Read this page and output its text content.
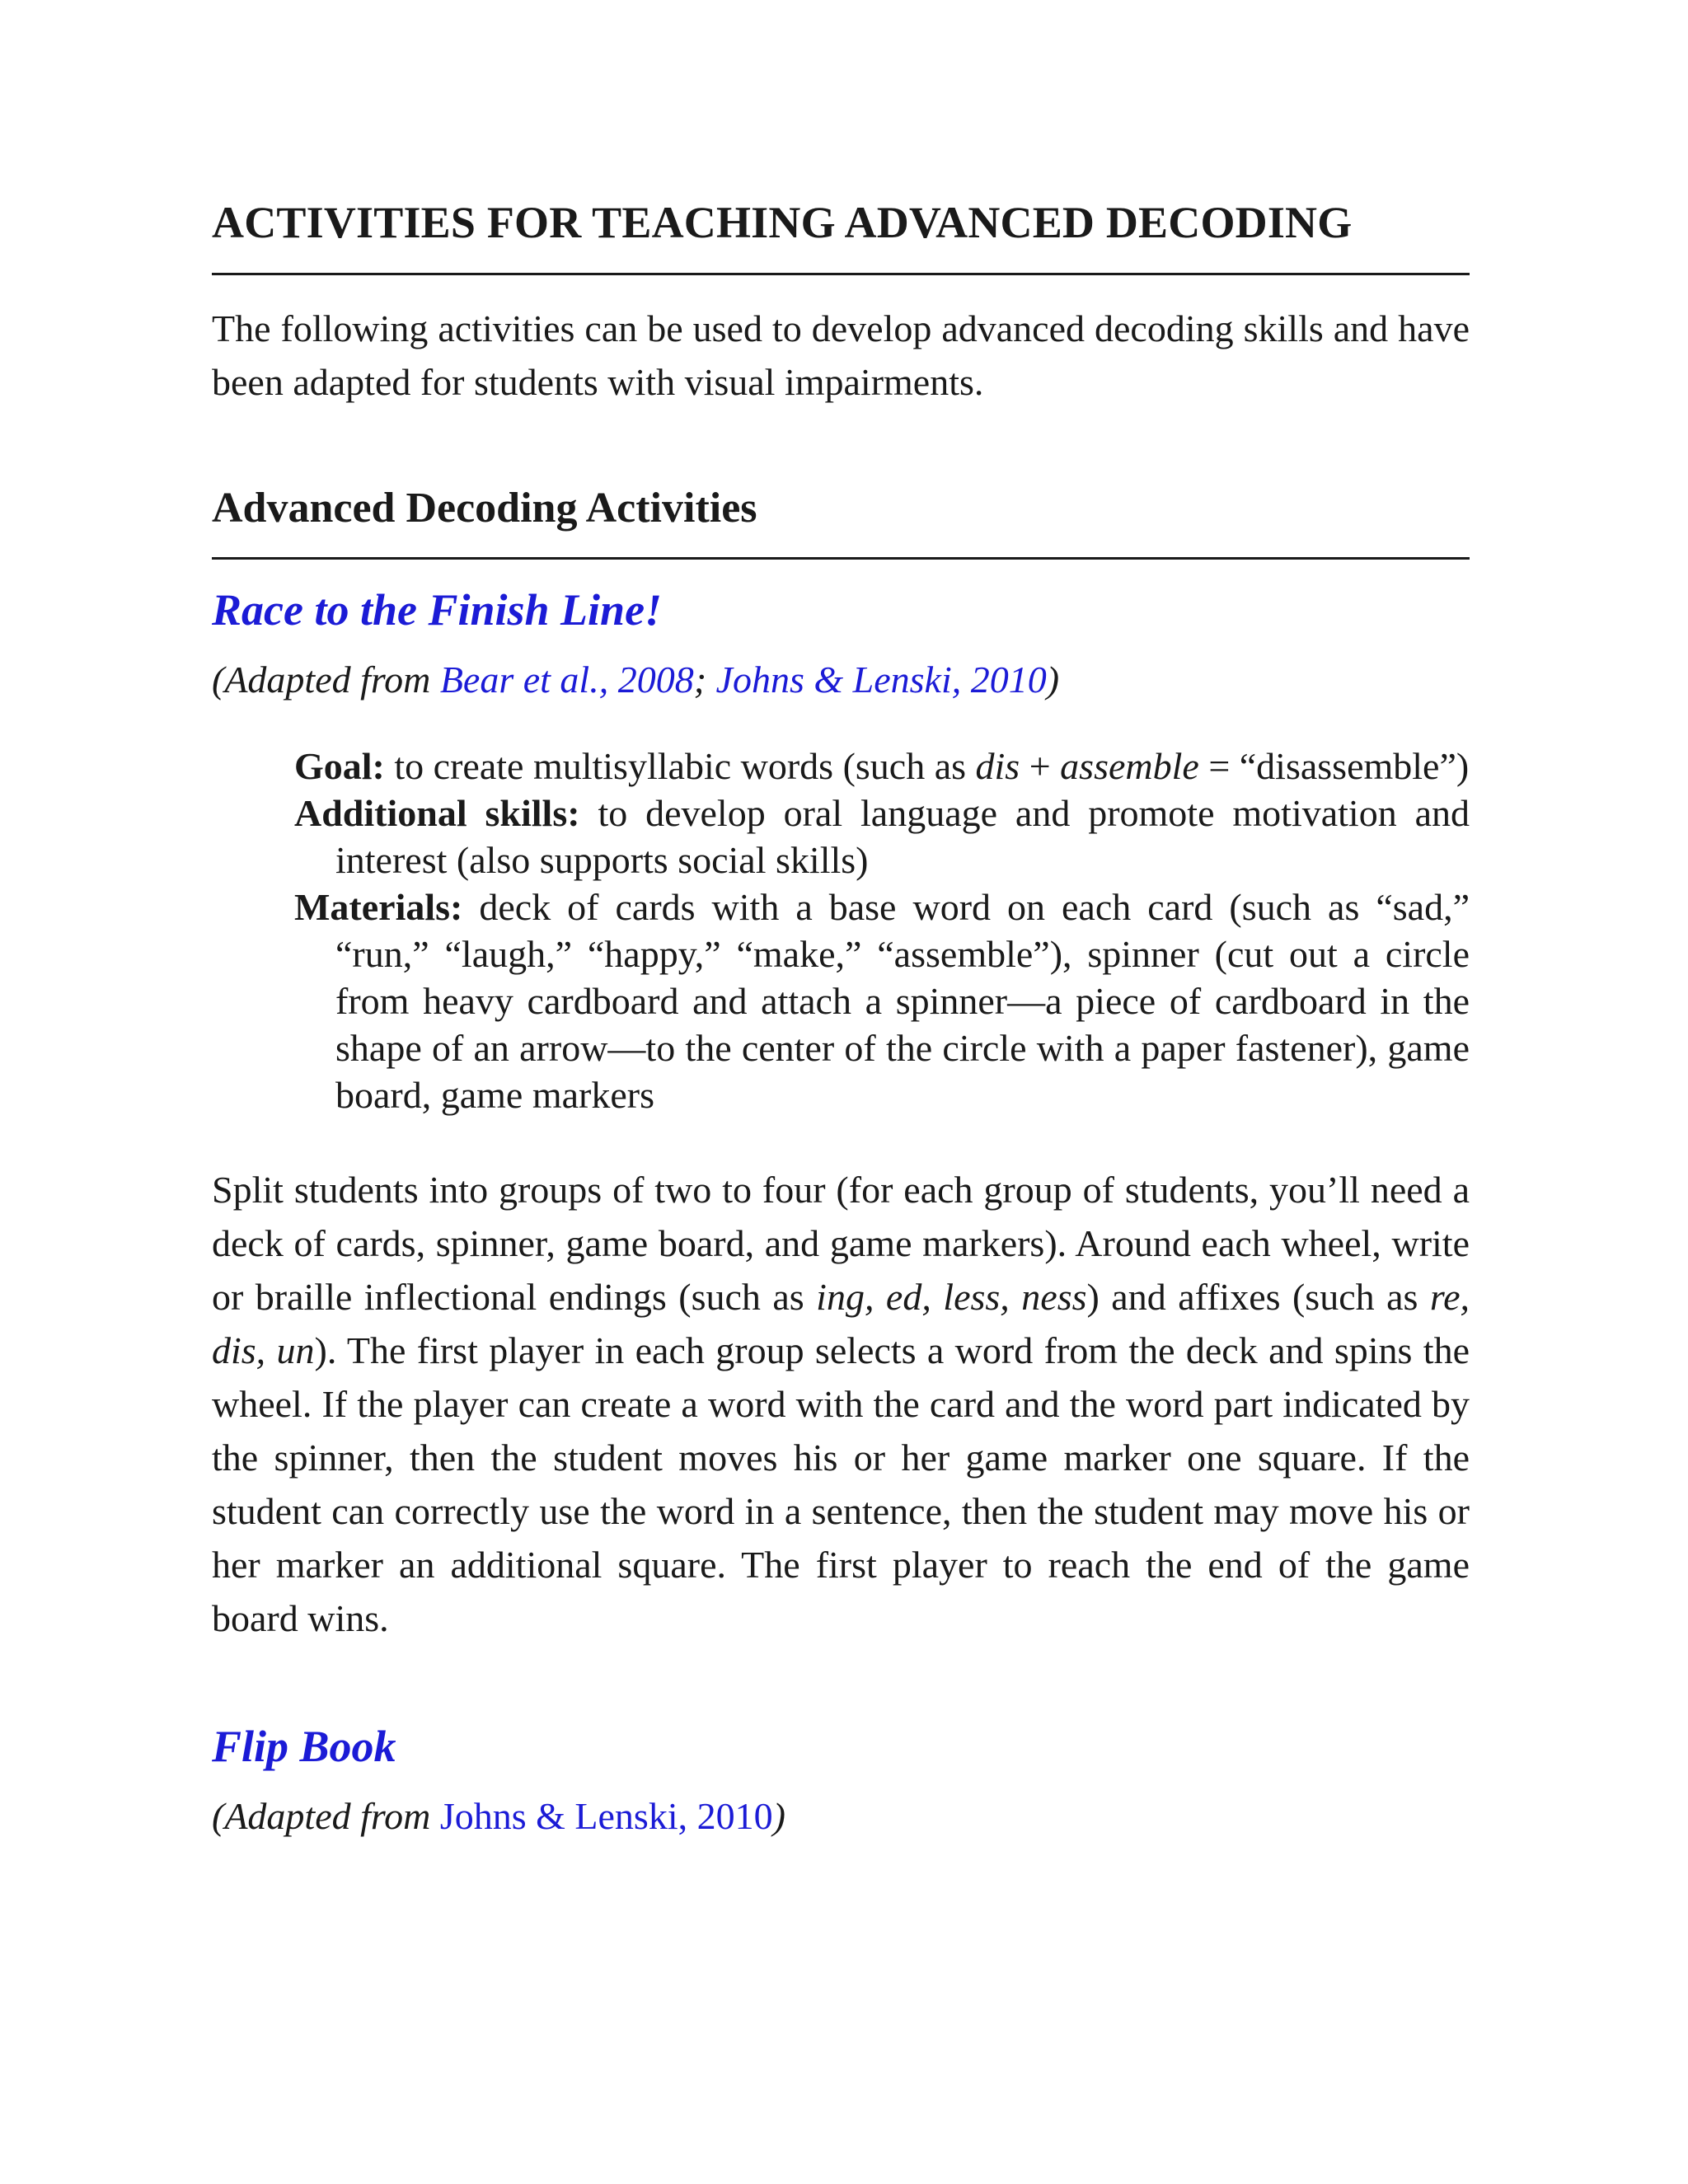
ACTIVITIES FOR TEACHING ADVANCED DECODING

The following activities can be used to develop advanced decoding skills and have been adapted for students with visual impairments.

Advanced Decoding Activities
Race to the Finish Line!

(Adapted from Bear et al., 2008; Johns & Lenski, 2010)

Goal: to create multisyllabic words (such as dis + assemble = “disassemble”)

Additional skills: to develop oral language and promote motivation and interest (also supports social skills)

Materials: deck of cards with a base word on each card (such as “sad,” “run,” “laugh,” “happy,” “make,” “assemble”), spinner (cut out a circle from heavy cardboard and attach a spinner—a piece of cardboard in the shape of an arrow—to the center of the circle with a paper fastener), game board, game markers

Split students into groups of two to four (for each group of students, you’ll need a deck of cards, spinner, game board, and game markers). Around each wheel, write or braille inflectional endings (such as ing, ed, less, ness) and affixes (such as re, dis, un). The first player in each group selects a word from the deck and spins the wheel. If the player can create a word with the card and the word part indicated by the spinner, then the student moves his or her game marker one square. If the student can correctly use the word in a sentence, then the student may move his or her marker an additional square. The first player to reach the end of the game board wins.

Flip Book

(Adapted from Johns & Lenski, 2010)
